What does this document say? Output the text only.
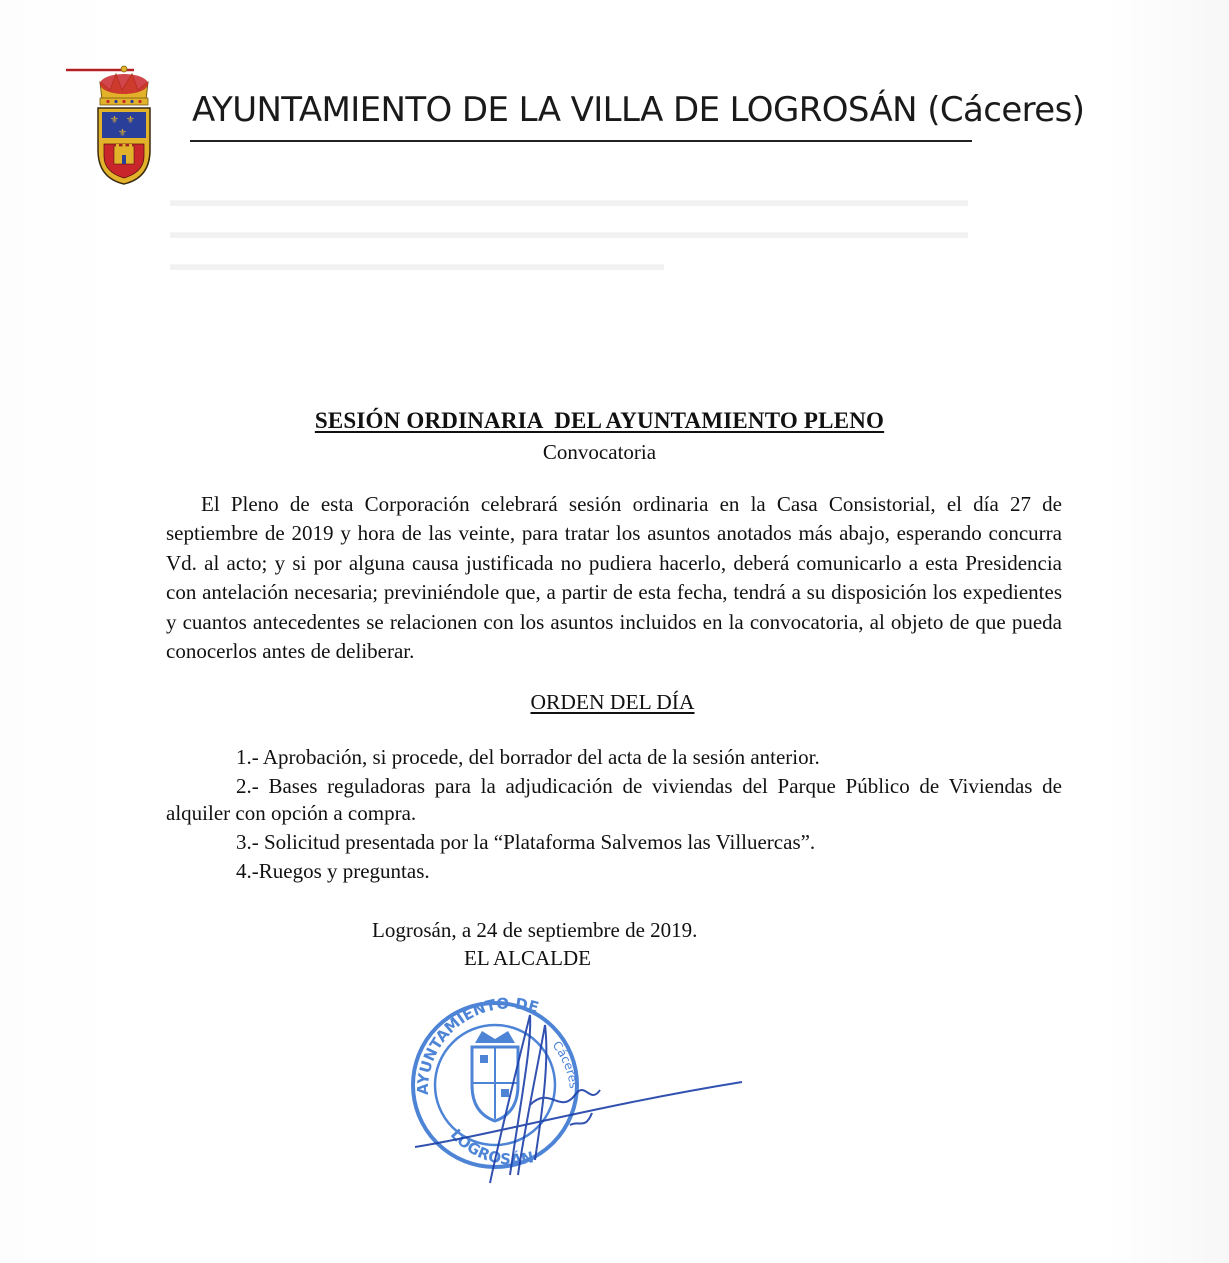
⚜ ⚜
⚜
AYUNTAMIENTO DE LA VILLA DE LOGROSÁN (Cáceres)
▬▬▬▬▬▬▬▬▬▬▬▬▬▬▬▬▬▬▬▬▬▬▬▬▬▬▬▬▬▬▬▬▬▬▬▬▬▬▬▬▬▬
▬▬▬▬▬▬▬▬▬▬▬▬▬▬▬▬▬▬▬▬▬▬▬▬▬▬▬▬▬▬▬▬▬▬▬▬▬▬▬▬▬▬
▬▬▬▬▬▬▬▬▬▬▬▬▬▬▬▬▬▬▬▬▬▬▬▬▬▬
SESIÓN ORDINARIA  DEL AYUNTAMIENTO PLENO
Convocatoria

El Pleno de esta Corporación celebrará sesión ordinaria en la Casa Consistorial, el día 27 de septiembre de 2019 y hora de las veinte, para tratar los asuntos anotados más abajo, esperando concurra Vd. al acto; y si por alguna causa justificada no pudiera hacerlo, deberá comunicarlo a esta Presidencia con antelación necesaria; previniéndole que, a partir de esta fecha, tendrá a su disposición los expedientes y cuantos antecedentes se relacionen con los asuntos incluidos en la convocatoria, al objeto de que pueda conocerlos antes de deliberar.

ORDEN DEL DÍA
1.- Aprobación, si procede, del borrador del acta de la sesión anterior.
2.- Bases reguladoras para la adjudicación de viviendas del Parque Público de Viviendas de alquiler con opción a compra.
3.- Solicitud presentada por la “Plataforma Salvemos las Villuercas”.
4.-Ruegos y preguntas.
Logrosán, a 24 de septiembre de 2019.
EL ALCALDE
AYUNTAMIENTO DE
LOGROSÁN
Cáceres
